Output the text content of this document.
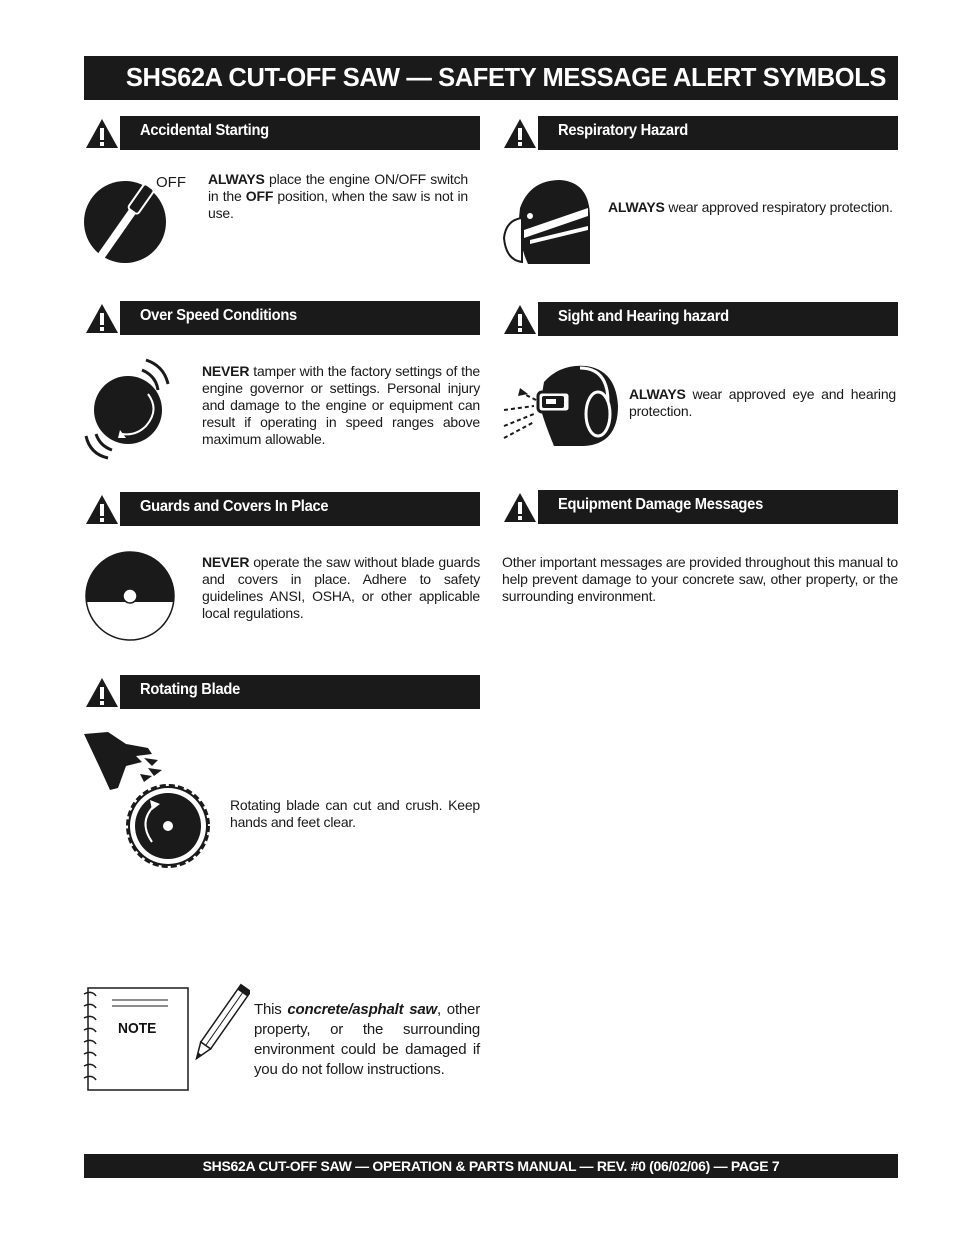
SHS62A CUT-OFF SAW — SAFETY MESSAGE ALERT SYMBOLS
Accidental Starting
OFF ALWAYS place the engine ON/OFF switch in the OFF position, when the saw is not in use.
Respiratory Hazard
ALWAYS wear approved respiratory protection.
Over Speed Conditions
NEVER tamper with the factory settings of the engine governor or settings. Personal injury and damage to the engine or equipment can result if operating in speed ranges above maximum allowable.
Sight and Hearing hazard
ALWAYS wear approved eye and hearing protection.
Guards and Covers In Place
NEVER operate the saw without blade guards and covers in place. Adhere to safety guidelines ANSI, OSHA, or other applicable local regulations.
Equipment Damage Messages
Other important messages are provided throughout this manual to help prevent damage to your concrete saw, other property, or the surrounding environment.
Rotating Blade
Rotating blade can cut and crush. Keep hands and feet clear.
NOTE
This concrete/asphalt saw, other property, or the surrounding environment could be damaged if you do not follow instructions.
SHS62A CUT-OFF SAW — OPERATION & PARTS MANUAL — REV. #0 (06/02/06) — PAGE 7
